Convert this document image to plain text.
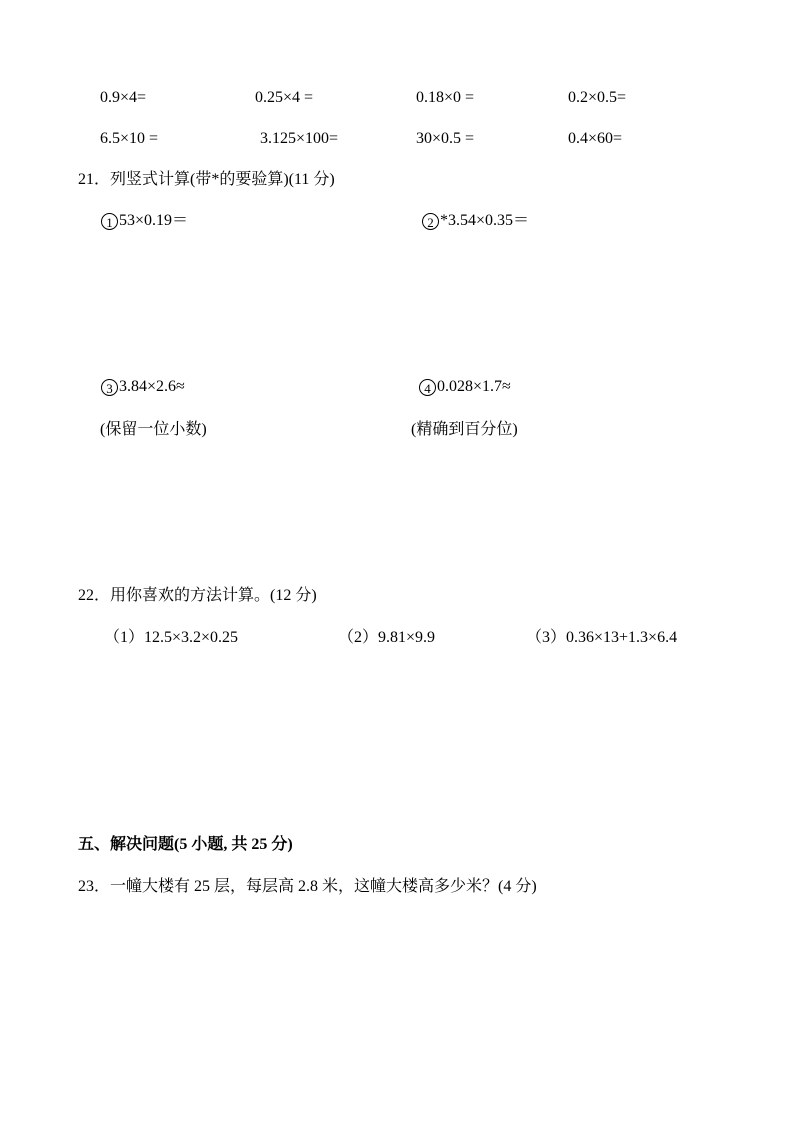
0.9×4=	0.25×4 =	0.18×0 =	0.2×0.5=
6.5×10 =	3.125×100=	30×0.5 =	0.4×60=
21．列竖式计算(带*的要验算)(11 分)
1 53×0.19＝	2 *3.54×0.35＝
3 3.84×2.6≈	4 0.028×1.7≈
(保留一位小数)	(精确到百分位)
22．用你喜欢的方法计算。(12 分)
（1）12.5×3.2×0.25	（2）9.81×9.9	（3）0.36×13+1.3×6.4
五、解决问题(5 小题, 共 25 分)
23．一幢大楼有 25 层，每层高 2.8 米，这幢大楼高多少米？(4 分)
